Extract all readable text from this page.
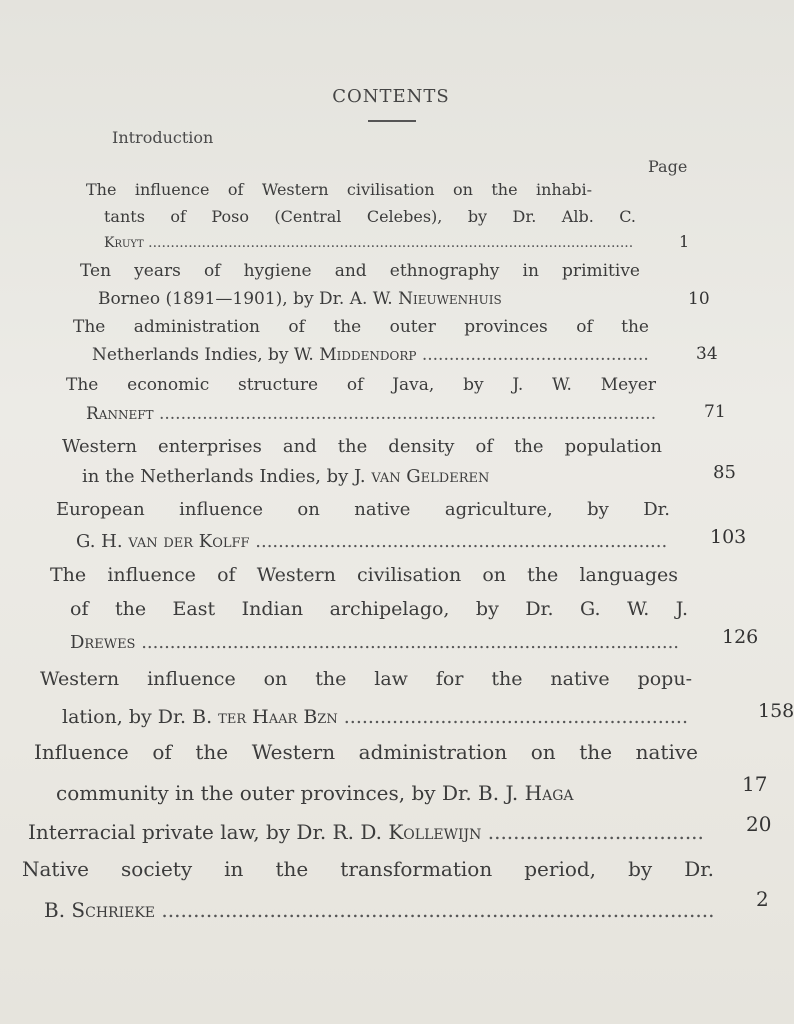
CONTENTS
Introduction
Page
The influence of Western civilisation on the inhabi-
tants of Poso (Central Celebes), by Dr. Alb. C.
Kruyt .............................................................................................................	1
Ten years of hygiene and ethnography in primitive
Borneo (1891—1901), by Dr. A. W. Nieuwenhuis	10
The administration of the outer provinces of the
Netherlands Indies, by W. Middendorp ..........................................	34
The economic structure of Java, by J. W. Meyer
Ranneft ............................................................................................	71
Western enterprises and the density of the population
in the Netherlands Indies, by J. van Gelderen	85
European influence on native agriculture, by Dr.
G. H. van der Kolff ........................................................................ 103
The influence of Western civilisation on the languages
of the East Indian archipelago, by Dr. G. W. J.
Drewes .............................................................................................. 126
Western influence on the law for the native popu-
lation, by Dr. B. ter Haar Bzn .........................................................	158
Influence of the Western administration on the native
community in the outer provinces, by Dr. B. J. Haga	17
Interracial private law, by Dr. R. D. Kollewijn .................................. 20
Native society in the transformation period, by Dr.
B. Schrieke ....................................................................................... 2
